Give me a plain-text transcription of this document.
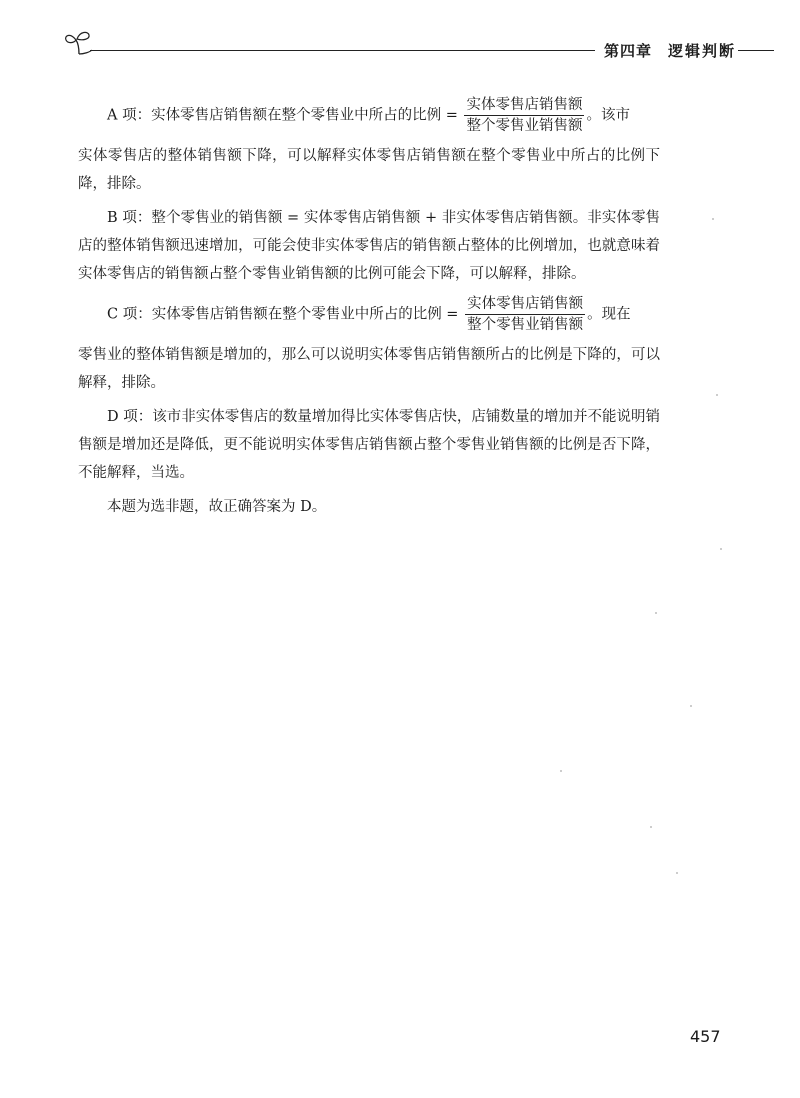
第四章 逻辑判断

A 项：实体零售店销售额在整个零售业中所占的比例 = $\frac{\text{实体零售店销售额}}{\text{整个零售业销售额}}$ 。该市

实体零售店的整体销售额下降，可以解释实体零售店销售额在整个零售业中所占的比例下降，排除。

B 项：整个零售业的销售额 = 实体零售店销售额 + 非实体零售店销售额。非实体零售店的整体销售额迅速增加，可能会使非实体零售店的销售额占整体的比例增加，也就意味着实体零售店的销售额占整个零售业销售额的比例可能会下降，可以解释，排除。

C 项：实体零售店销售额在整个零售业中所占的比例 = $\frac{\text{实体零售店销售额}}{\text{整个零售业销售额}}$ 。现在

零售业的整体销售额是增加的，那么可以说明实体零售店销售额所占的比例是下降的，可以解释，排除。

D 项：该市非实体零售店的数量增加得比实体零售店快，店铺数量的增加并不能说明销售额是增加还是降低，更不能说明实体零售店销售额占整个零售业销售额的比例是否下降，不能解释，当选。

本题为选非题，故正确答案为 D。

457
